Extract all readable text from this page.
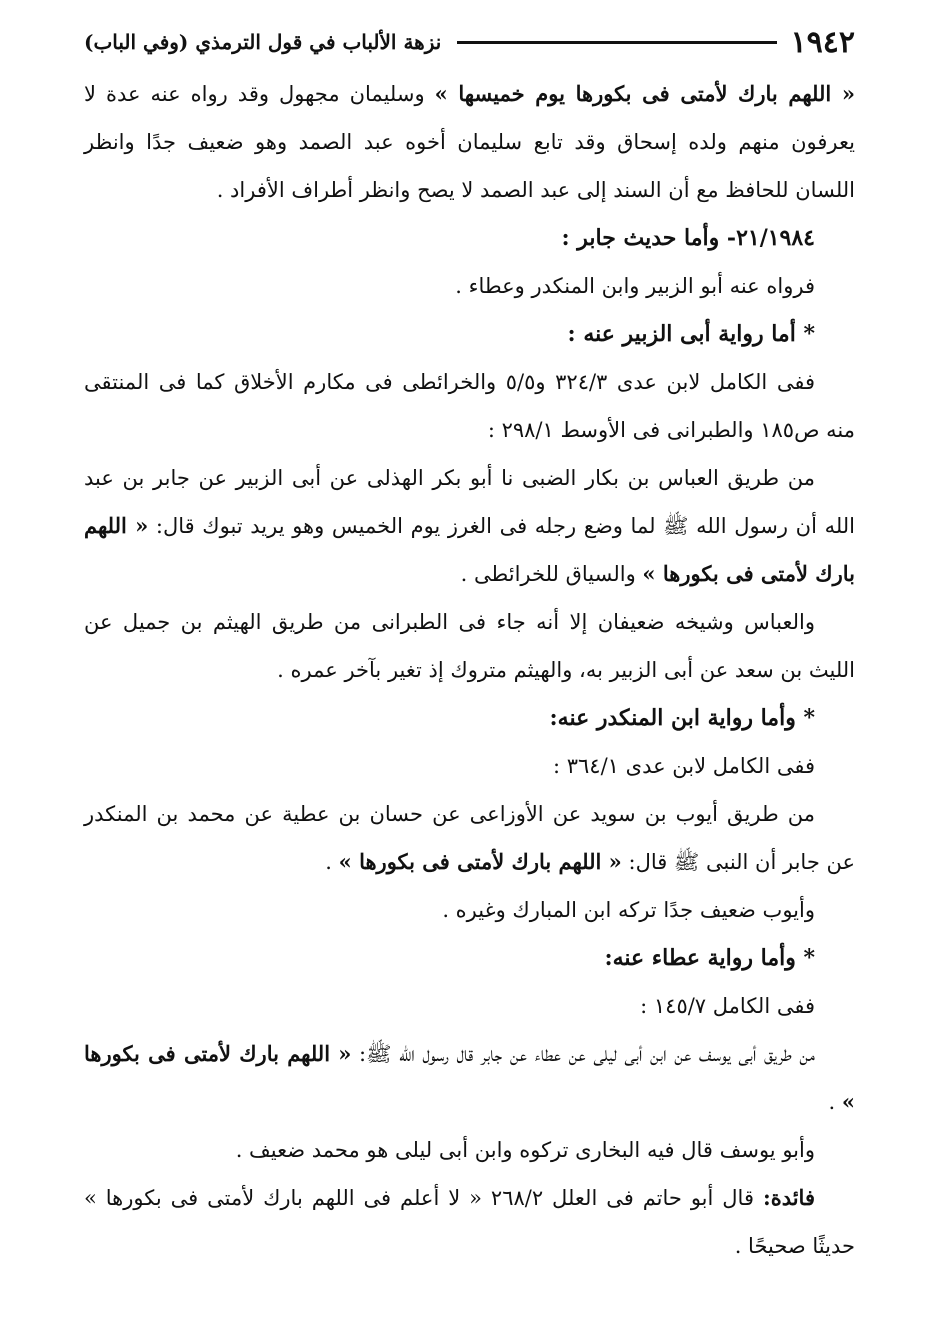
١٩٤٢
نزهة الألباب في قول الترمذي (وفي الباب)

« اللهم بارك لأمتى فى بكورها يوم خميسها » وسليمان مجهول وقد رواه عنه عدة لا يعرفون منهم ولده إسحاق وقد تابع سليمان أخوه عبد الصمد وهو ضعيف جدًا وانظر اللسان للحافظ مع أن السند إلى عبد الصمد لا يصح وانظر أطراف الأفراد .

٢١/١٩٨٤- وأما حديث جابر :

فرواه عنه أبو الزبير وابن المنكدر وعطاء .

* أما رواية أبى الزبير عنه :

ففى الكامل لابن عدى ٣٢٤/٣ و٥/٥ والخرائطى فى مكارم الأخلاق كما فى المنتقى منه ص١٨٥ والطبرانى فى الأوسط ٢٩٨/١ :

من طريق العباس بن بكار الضبى نا أبو بكر الهذلى عن أبى الزبير عن جابر بن عبد الله أن رسول الله ﷺ لما وضع رجله فى الغرز يوم الخميس وهو يريد تبوك قال: « اللهم بارك لأمتى فى بكورها » والسياق للخرائطى .

والعباس وشيخه ضعيفان إلا أنه جاء فى الطبرانى من طريق الهيثم بن جميل عن الليث بن سعد عن أبى الزبير به، والهيثم متروك إذ تغير بآخر عمره .

* وأما رواية ابن المنكدر عنه:

ففى الكامل لابن عدى ٣٦٤/١ :

من طريق أيوب بن سويد عن الأوزاعى عن حسان بن عطية عن محمد بن المنكدر عن جابر أن النبى ﷺ قال: « اللهم بارك لأمتى فى بكورها » .

وأيوب ضعيف جدًا تركه ابن المبارك وغيره .

* وأما رواية عطاء عنه:

ففى الكامل ١٤٥/٧ :

من طريق أبى يوسف عن ابن أبى ليلى عن عطاء عن جابر قال رسول الله ﷺ: « اللهم بارك لأمتى فى بكورها » .

وأبو يوسف قال فيه البخارى تركوه وابن أبى ليلى هو محمد ضعيف .

فائدة: قال أبو حاتم فى العلل ٢٦٨/٢ « لا أعلم فى اللهم بارك لأمتى فى بكورها » حديثًا صحيحًا .
